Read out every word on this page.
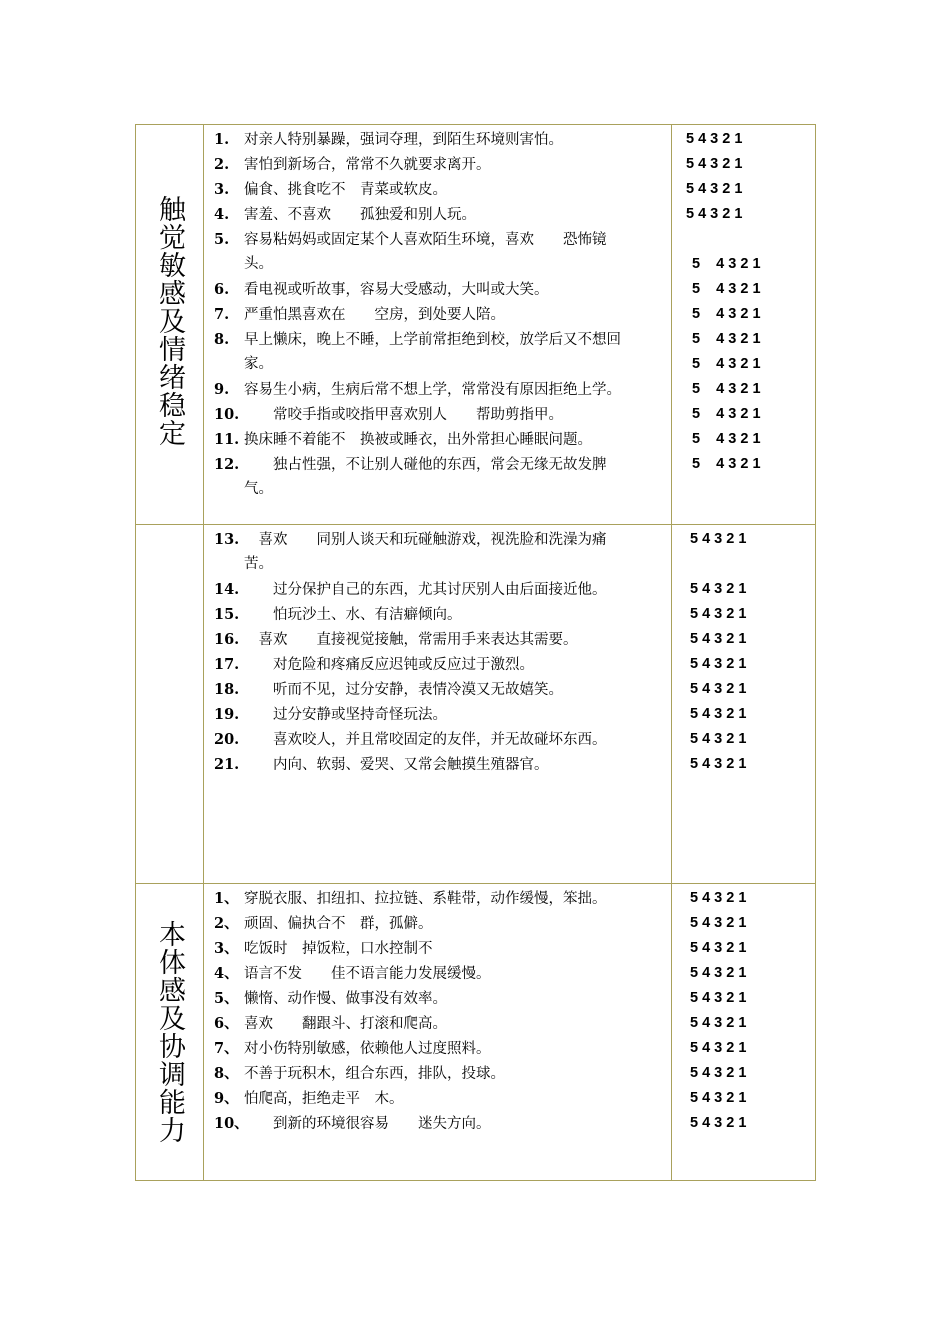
触觉敏感及情绪稳定
1. 对亲人特别暴躁，强词夺理，到陌生环境则害怕。
2. 害怕到新场合，常常不久就要求离开。
3. 偏食、挑食吃不　青菜或软皮。
4. 害羞、不喜欢　　孤独爱和别人玩。
5. 容易粘妈妈或固定某个人喜欢陌生环境，喜欢　　恐怖镜
头。
6. 看电视或听故事，容易大受感动，大叫或大笑。
7. 严重怕黑喜欢在　　空房，到处要人陪。
8. 早上懒床，晚上不睡，上学前常拒绝到校，放学后又不想回
家。
9. 容易生小病，生病后常不想上学，常常没有原因拒绝上学。
10.　　常咬手指或咬指甲喜欢别人　　帮助剪指甲。
11. 换床睡不着能不　换被或睡衣，出外常担心睡眠问题。
12.　　独占性强，不让别人碰他的东西，常会无缘无故发脾
气。
5 4 3 2 1
5 4 3 2 1
5 4 3 2 1
5 4 3 2 1
5    4 3 2 1
5    4 3 2 1
5    4 3 2 1
5    4 3 2 1
5    4 3 2 1
5    4 3 2 1
5    4 3 2 1
5    4 3 2 1
5    4 3 2 1
13.　喜欢　　同别人谈天和玩碰触游戏，视洗脸和洗澡为痛
苦。
14.　　过分保护自己的东西，尤其讨厌别人由后面接近他。
15.　　怕玩沙土、水、有洁癖倾向。
16.　喜欢　　直接视觉接触，常需用手来表达其需要。
17.　　对危险和疼痛反应迟钝或反应过于激烈。
18.　　听而不见，过分安静，表情冷漠又无故嬉笑。
19.　　过分安静或坚持奇怪玩法。
20.　　喜欢咬人，并且常咬固定的友伴，并无故碰坏东西。
21.　　内向、软弱、爱哭、又常会触摸生殖器官。
5 4 3 2 1
5 4 3 2 1
5 4 3 2 1
5 4 3 2 1
5 4 3 2 1
5 4 3 2 1
5 4 3 2 1
5 4 3 2 1
5 4 3 2 1
本体感及协调能力
1、 穿脱衣服、扣纽扣、拉拉链、系鞋带，动作缓慢，笨拙。
2、 顽固、偏执合不　群，孤僻。
3、 吃饭时　掉饭粒，口水控制不
4、 语言不发　　佳不语言能力发展缓慢。
5、 懒惰、动作慢、做事没有效率。
6、 喜欢　　翻跟斗、打滚和爬高。
7、 对小伤特别敏感，依赖他人过度照料。
8、 不善于玩积木，组合东西，排队，投球。
9、 怕爬高，拒绝走平　木。
10、　　到新的环境很容易　　迷失方向。
5 4 3 2 1
5 4 3 2 1
5 4 3 2 1
5 4 3 2 1
5 4 3 2 1
5 4 3 2 1
5 4 3 2 1
5 4 3 2 1
5 4 3 2 1
5 4 3 2 1
